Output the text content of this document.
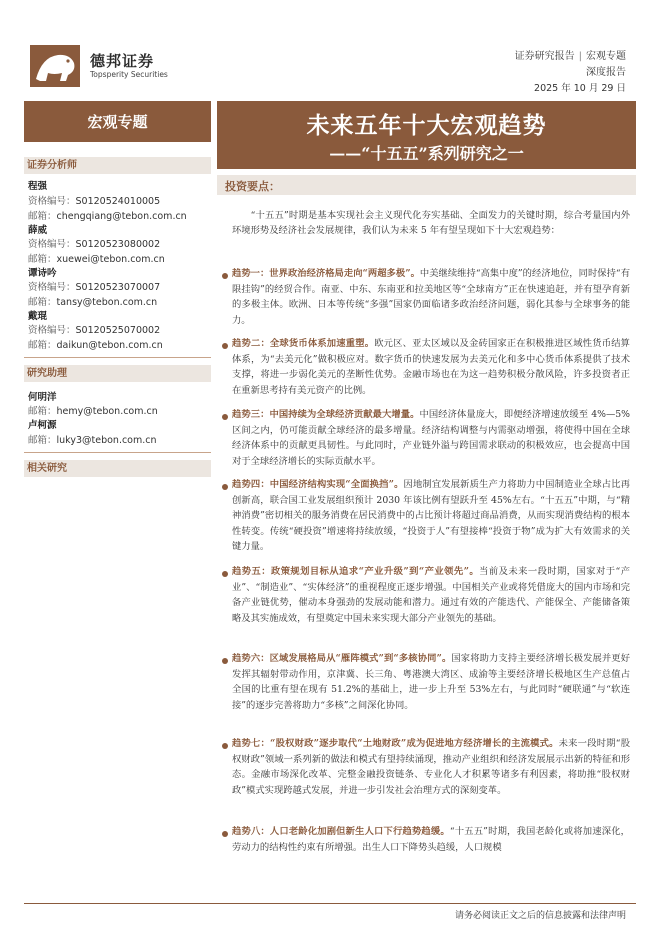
德邦证券
Topsperity Securities
证券研究报告 | 宏观专题
深度报告
2025 年 10 月 29 日
宏观专题	未来五年十大宏观趋势
——“十五五”系列研究之一
证券分析师
程强
资格编号：S0120524010005
邮箱：chengqiang@tebon.com.cn
薛威
资格编号：S0120523080002
邮箱：xuewei@tebon.com.cn
谭诗吟
资格编号：S0120523070007
邮箱：tansy@tebon.com.cn
戴琨
资格编号：S0120525070002
邮箱：daikun@tebon.com.cn
研究助理
何明洋
邮箱：hemy@tebon.com.cn
卢柯源
邮箱：luky3@tebon.com.cn
相关研究
投资要点：
“十五五”时期是基本实现社会主义现代化夯实基础、全面发力的关键时期，综合考量国内外环境形势及经济社会发展规律，我们认为未来 5 年有望呈现如下十大宏观趋势：
趋势一：世界政治经济格局走向“两超多极”。中美继续维持“高集中度”的经济地位，同时保持“有限挂钩”的经贸合作。南亚、中东、东南亚和拉美地区等“全球南方”正在快速追赶，并有望孕育新的多极主体。欧洲、日本等传统“多强”国家仍面临诸多政治经济问题，弱化其参与全球事务的能力。
趋势二：全球货币体系加速重塑。欧元区、亚太区域以及金砖国家正在积极推进区域性货币结算体系，为“去美元化”做积极应对。数字货币的快速发展为去美元化和多中心货币体系提供了技术支撑，将进一步弱化美元的垄断性优势。金融市场也在为这一趋势积极分散风险，许多投资者正在重新思考持有美元资产的比例。
趋势三：中国持续为全球经济贡献最大增量。中国经济体量庞大，即便经济增速放缓至 4%—5%区间之内，仍可能贡献全球经济的最多增量。经济结构调整与内需驱动增强，将使得中国在全球经济体系中的贡献更具韧性。与此同时，产业链外溢与跨国需求联动的积极效应，也会提高中国对于全球经济增长的实际贡献水平。
趋势四：中国经济结构实现“全面换挡”。因地制宜发展新质生产力将助力中国制造业全球占比再创新高，联合国工业发展组织预计 2030 年该比例有望跃升至 45%左右。“十五五”中期，与“精神消费”密切相关的服务消费在居民消费中的占比预计将超过商品消费，从而实现消费结构的根本性转变。传统“硬投资”增速将持续放缓，“投资于人”有望接棒“投资于物”成为扩大有效需求的关键力量。
趋势五：政策规划目标从追求“产业升级”到“产业领先”。当前及未来一段时期，国家对于“产业”、“制造业”、“实体经济”的重视程度正逐步增强。中国相关产业或将凭借庞大的国内市场和完备产业链优势，催动本身强劲的发展动能和潜力。通过有效的产能迭代、产能保全、产能储备策略及其实施成效，有望奠定中国未来实现大部分产业领先的基础。
趋势六：区域发展格局从“雁阵模式”到“多核协同”。国家将助力支持主要经济增长极发展并更好发挥其辐射带动作用，京津冀、长三角、粤港澳大湾区、成渝等主要经济增长极地区生产总值占全国的比重有望在现有 51.2%的基础上，进一步上升至 53%左右，与此同时“硬联通”与“软连接”的逐步完善将助力“多核”之间深化协同。
趋势七：“股权财政”逐步取代“土地财政”成为促进地方经济增长的主流模式。未来一段时期“股权财政”领域一系列新的做法和模式有望持续涌现，推动产业组织和经济发展展示出新的特征和形态。金融市场深化改革、完整金融投资链条、专业化人才积累等诸多有利因素，将助推“股权财政”模式实现跨越式发展，并进一步引发社会治理方式的深刻变革。
趋势八：人口老龄化加剧但新生人口下行趋势趋缓。“十五五”时期，我国老龄化或将加速深化，劳动力的结构性约束有所增强。出生人口下降势头趋缓，人口规模
请务必阅读正文之后的信息披露和法律声明
